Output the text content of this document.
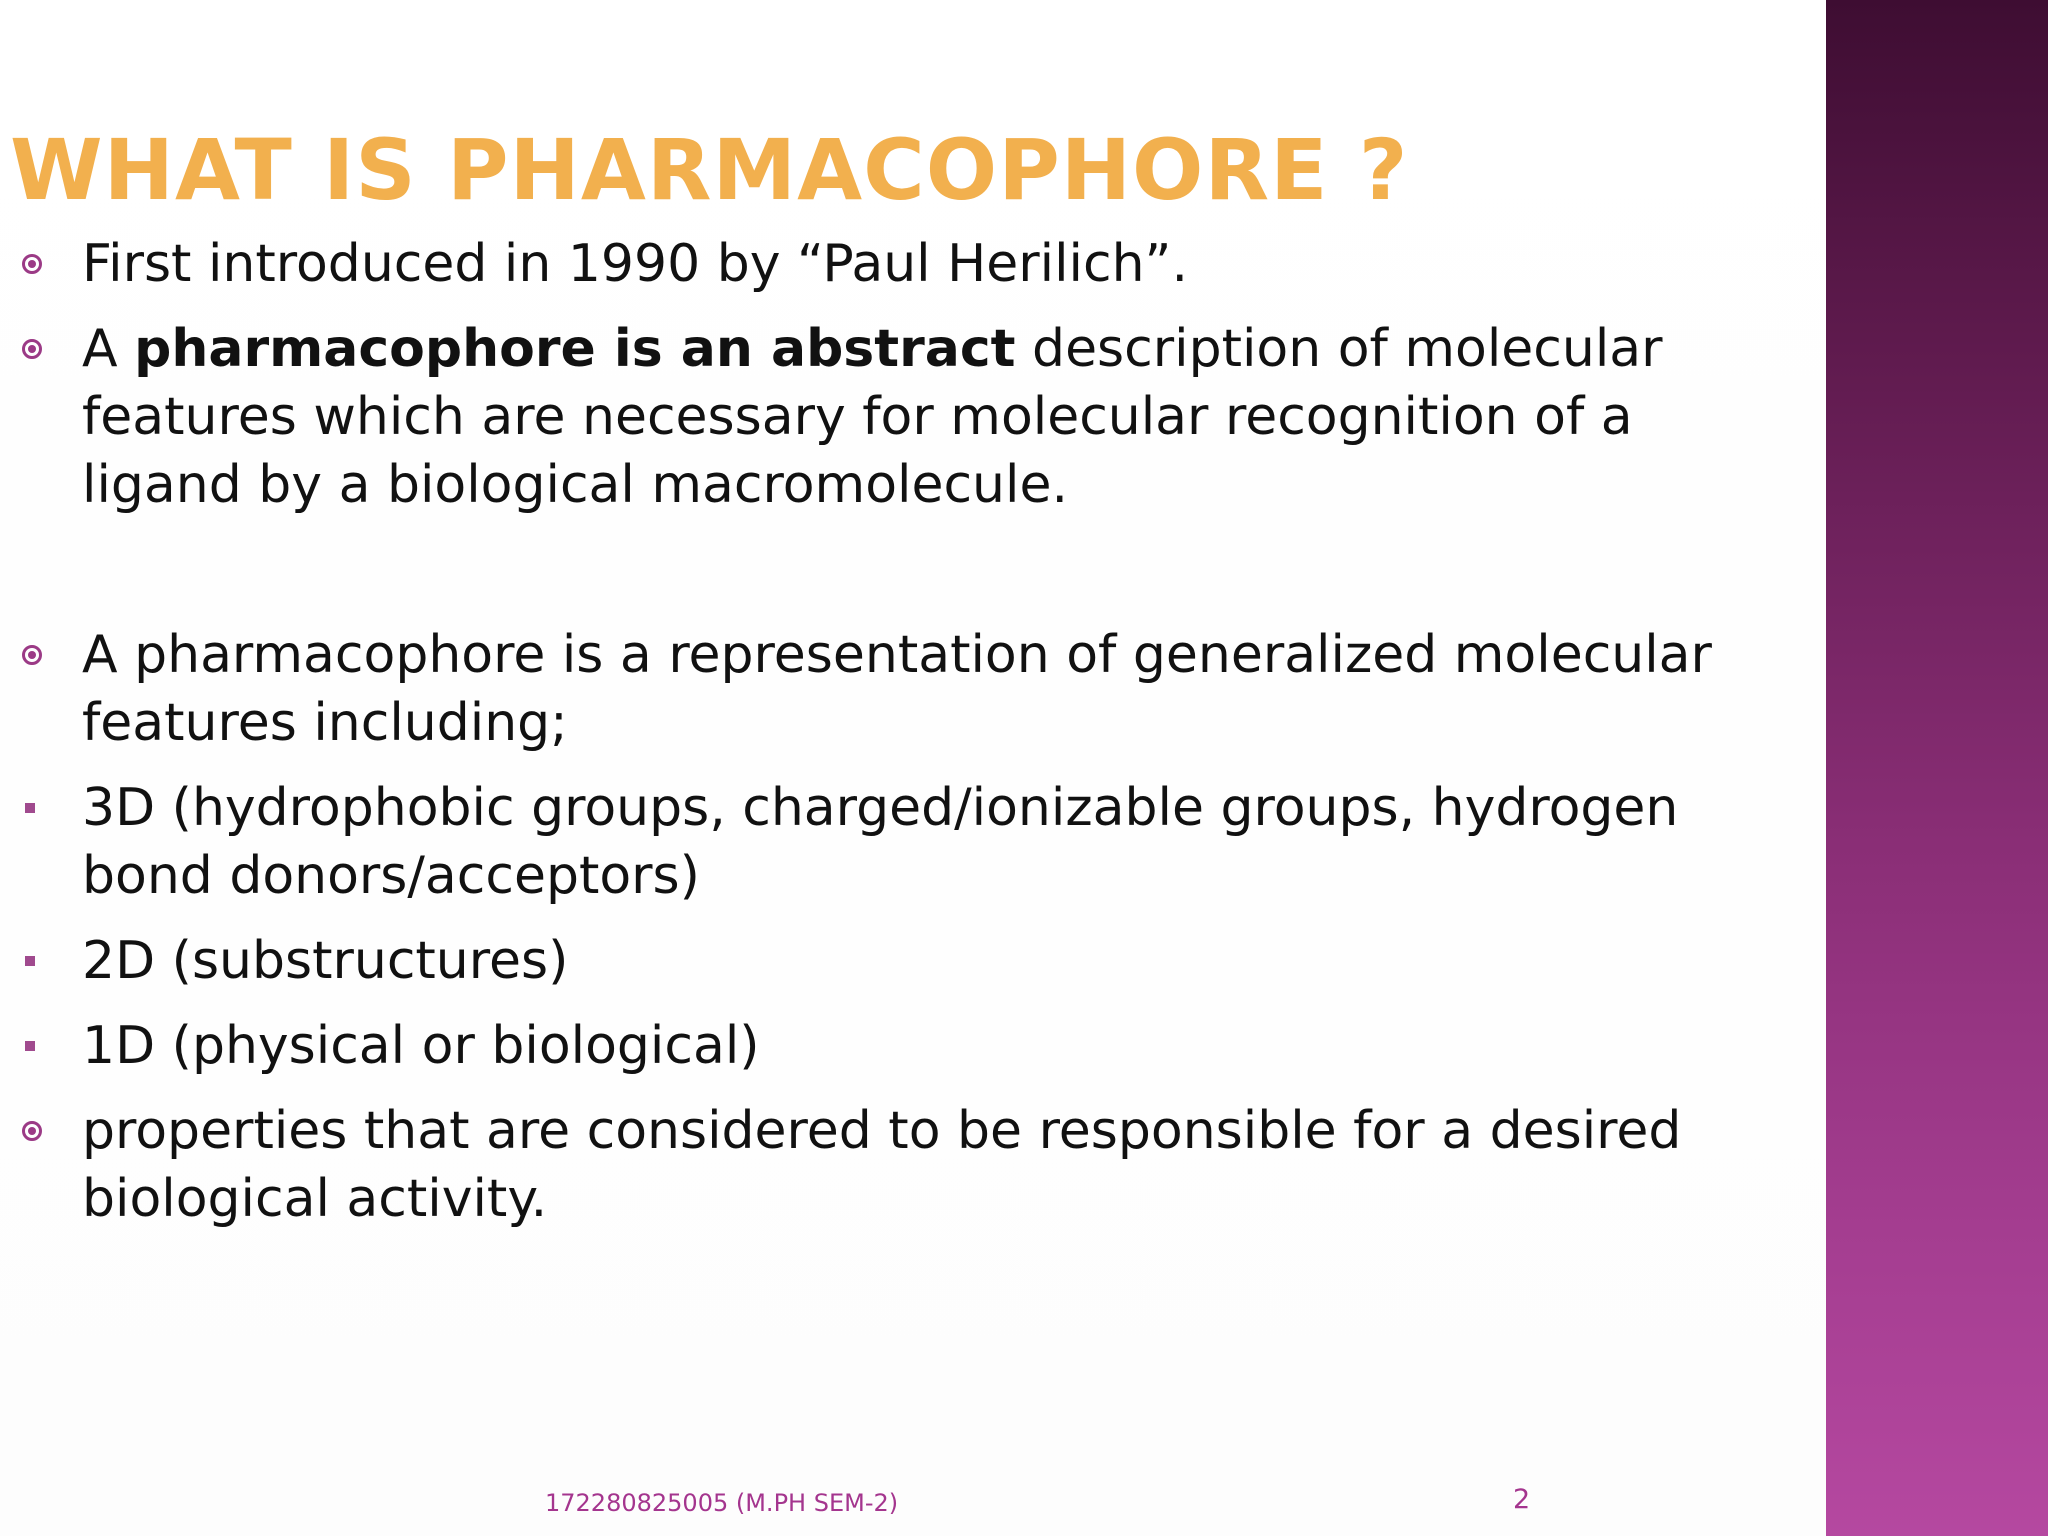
WHAT IS PHARMACOPHORE ?
First introduced in 1990 by “Paul Herilich”.
A pharmacophore is an abstract description of molecular features which are necessary for molecular recognition of a ligand by a biological macromolecule.
A pharmacophore is a representation of generalized molecular features including;
3D (hydrophobic groups, charged/ionizable groups, hydrogen bond donors/acceptors)
2D (substructures)
1D (physical or biological)
properties that are considered to be responsible for a desired biological activity.
172280825005 (M.PH SEM-2)	2
